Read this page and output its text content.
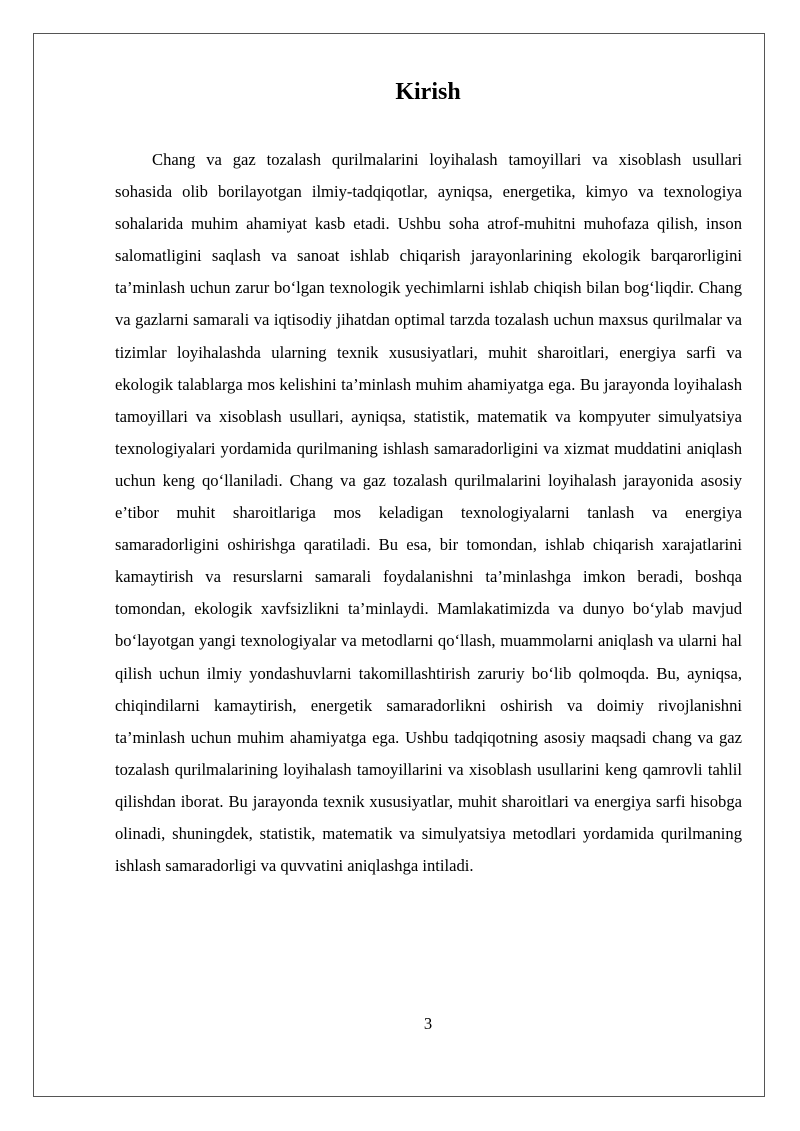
Kirish

Chang va gaz tozalash qurilmalarini loyihalash tamoyillari va xisoblash usullari sohasida olib borilayotgan ilmiy-tadqiqotlar, ayniqsa, energetika, kimyo va texnologiya sohalarida muhim ahamiyat kasb etadi. Ushbu soha atrof-muhitni muhofaza qilish, inson salomatligini saqlash va sanoat ishlab chiqarish jarayonlarining ekologik barqarorligini ta’minlash uchun zarur bo‘lgan texnologik yechimlarni ishlab chiqish bilan bog‘liqdir. Chang va gazlarni samarali va iqtisodiy jihatdan optimal tarzda tozalash uchun maxsus qurilmalar va tizimlar loyihalashda ularning texnik xususiyatlari, muhit sharoitlari, energiya sarfi va ekologik talablarga mos kelishini ta’minlash muhim ahamiyatga ega. Bu jarayonda loyihalash tamoyillari va xisoblash usullari, ayniqsa, statistik, matematik va kompyuter simulyatsiya texnologiyalari yordamida qurilmaning ishlash samaradorligini va xizmat muddatini aniqlash uchun keng qo‘llaniladi. Chang va gaz tozalash qurilmalarini loyihalash jarayonida asosiy e’tibor muhit sharoitlariga mos keladigan texnologiyalarni tanlash va energiya samaradorligini oshirishga qaratiladi. Bu esa, bir tomondan, ishlab chiqarish xarajatlarini kamaytirish va resurslarni samarali foydalanishni ta’minlashga imkon beradi, boshqa tomondan, ekologik xavfsizlikni ta’minlaydi. Mamlakatimizda va dunyo bo‘ylab mavjud bo‘layotgan yangi texnologiyalar va metodlarni qo‘llash, muammolarni aniqlash va ularni hal qilish uchun ilmiy yondashuvlarni takomillashtirish zaruriy bo‘lib qolmoqda. Bu, ayniqsa, chiqindilarni kamaytirish, energetik samaradorlikni oshirish va doimiy rivojlanishni ta’minlash uchun muhim ahamiyatga ega. Ushbu tadqiqotning asosiy maqsadi chang va gaz tozalash qurilmalarining loyihalash tamoyillarini va xisoblash usullarini keng qamrovli tahlil qilishdan iborat. Bu jarayonda texnik xususiyatlar, muhit sharoitlari va energiya sarfi hisobga olinadi, shuningdek, statistik, matematik va simulyatsiya metodlari yordamida qurilmaning ishlash samaradorligi va quvvatini aniqlashga intiladi.

3
